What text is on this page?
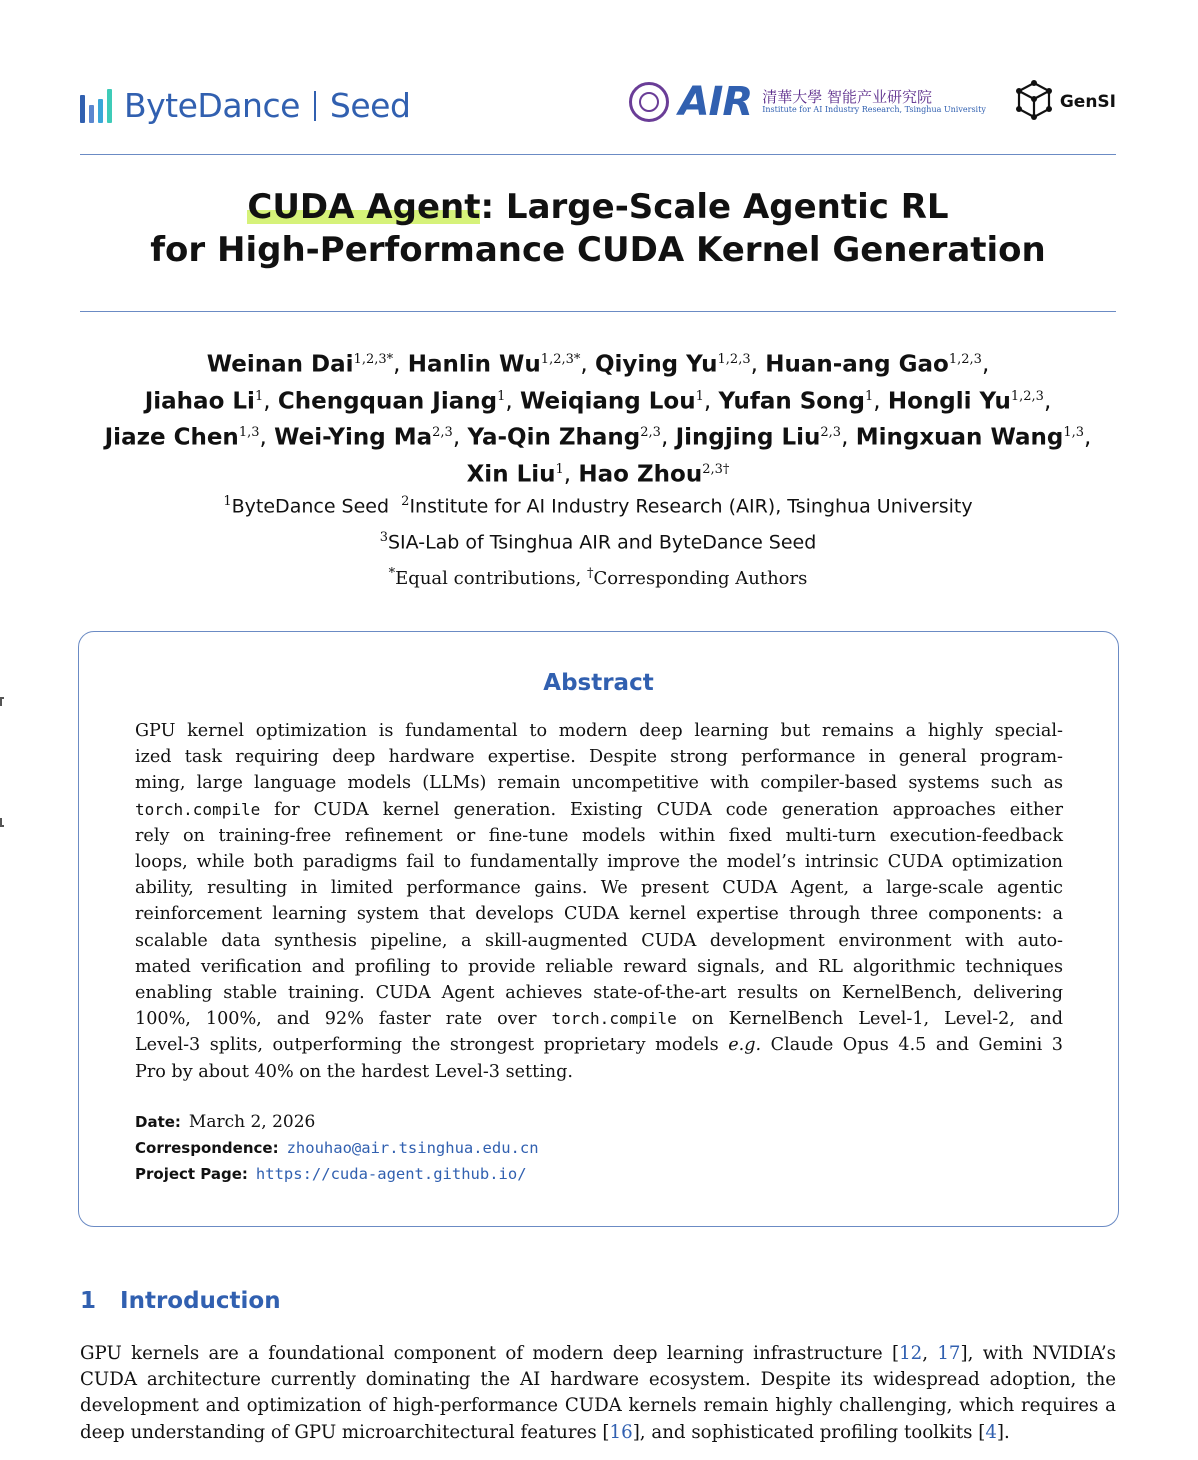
ByteDance Seed	AIR 清華大學 智能产业研究院
Institute for AI Industry Research, Tsinghua University	GenSI
CUDA Agent: Large-Scale Agentic RL
for High-Performance CUDA Kernel Generation
Weinan Dai$^{1,2,3*}$, Hanlin $Wu^{1,2,3*}$, Qiying Yu$^{1,2,3}$, Huan-ang Gao$^{1,2,3}$,
Jiahao Li$^1$, Chengquan Jiang$^1$, Weiqiang Lou$^1$, Yufan Song$^1$, Hongli Yu$^{1,2,3}$,
Jiaze Chen$^{1,3}$, Wei-Ying Ma$^{2,3}$, Ya-Qin Zhang$^{2,3}$, Jingjing Liu$^{2,3}$, Mingxuan Wang$^{1,3}$,
Xin Liu$^1$, Hao Zhou$^{2,3\dagger}$
$^1$ByteDance Seed $^2$Institute for AI Industry Research (AIR), Tsinghua University
$^3$SIA-Lab of Tsinghua AIR and ByteDance Seed
*Equal contributions, †Corresponding Authors
Abstract
GPU kernel optimization is fundamental to modern deep learning but remains a highly special-
ized task requiring deep hardware expertise. Despite strong performance in general program-
ming, large language models (LLMs) remain uncompetitive with compiler-based systems such as
torch.compile for CUDA kernel generation. Existing CUDA code generation approaches either
rely on training-free refinement or fine-tune models within fixed multi-turn execution-feedback
loops, while both paradigms fail to fundamentally improve the model’s intrinsic CUDA optimization
ability, resulting in limited performance gains. We present CUDA Agent, a large-scale agentic
reinforcement learning system that develops CUDA kernel expertise through three components: a
scalable data synthesis pipeline, a skill-augmented CUDA development environment with auto-
mated verification and profiling to provide reliable reward signals, and RL algorithmic techniques
enabling stable training. CUDA Agent achieves state-of-the-art results on KernelBench, delivering
100%, 100%, and 92% faster rate over torch.compile on KernelBench Level-1, Level-2, and
Level-3 splits, outperforming the strongest proprietary models e.g. Claude Opus 4.5 and Gemini 3
Pro by about 40% on the hardest Level-3 setting.
Date: March 2, 2026
Correspondence: zhouhao@air.tsinghua.edu.cn
Project Page: https://cuda-agent.github.io/
1 Introduction
GPU kernels are a foundational component of modern deep learning infrastructure [12, 17], with NVIDIA’s
CUDA architecture currently dominating the AI hardware ecosystem. Despite its widespread adoption, the
development and optimization of high-performance CUDA kernels remain highly challenging, which requires a
deep understanding of GPU microarchitectural features [16], and sophisticated profiling toolkits [4].
